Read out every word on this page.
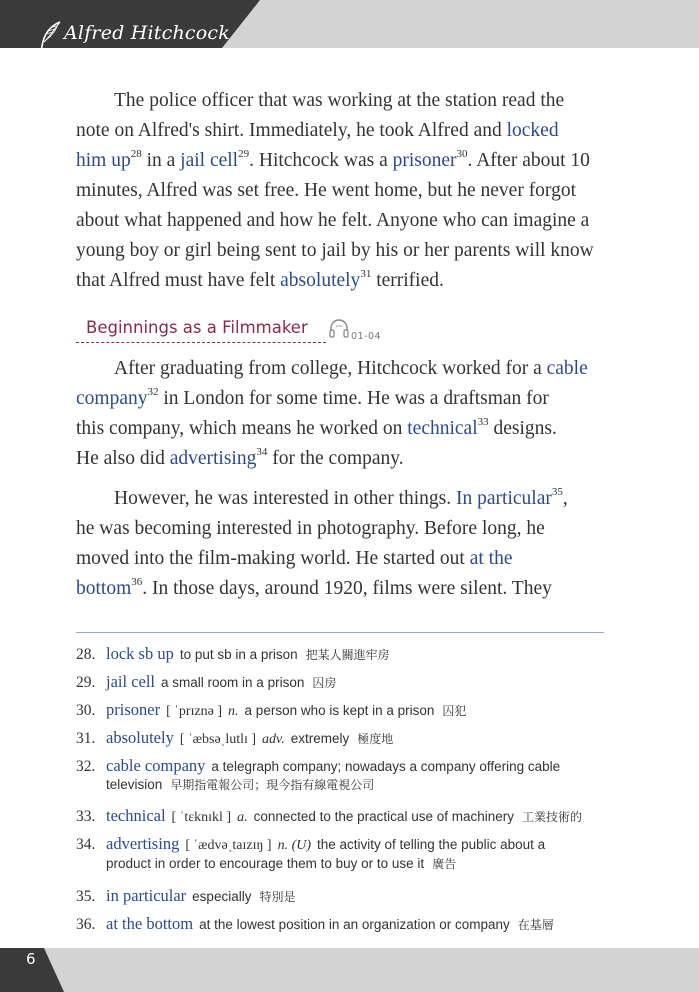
Alfred Hitchcock
The police officer that was working at the station read the
note on Alfred's shirt. Immediately, he took Alfred and locked
him $up^{28}$ in a jail cell$^{29}$. Hitchcock was a prisoner$^{30}$. After about 10
minutes, Alfred was set free. He went home, but he never forgot
about what happened and how he felt. Anyone who can imagine a
young boy or girl being sent to jail by his or her parents will know
that Alfred must have felt absolutely$^{31}$ terrified.
Beginnings as a Filmmaker	01-04
After graduating from college, Hitchcock worked for a cable
company$^{32}$ in London for some time. He was a draftsman for
this company, which means he worked on technical$^{33}$ designs.
He also did advertising$^{34}$ for the company.
However, he was interested in other things. In particular$^{35}$,
he was becoming interested in photography. Before long, he
moved into the film-making world. He started out at the
bottom$^{36}$. In those days, around 1920, films were silent. They
28. lock sb up to put sb in a prison 把某人關進牢房
29. jail cell a small room in a prison 囚房
30. prisoner [ ˈprɪznə ] n. a person who is kept in a prison 囚犯
31. absolutely [ ˈæbsəˌlutlɪ ] adv. extremely 極度地
32. cable company a telegraph company; nowadays a company offering cable
television 早期指電報公司；現今指有線電視公司
33. technical [ ˈtɛknɪkl ] a. connected to the practical use of machinery 工業技術的
34. advertising [ ˈædvəˌtaɪzɪŋ ] n. (U) the activity of telling the public about a
product in order to encourage them to buy or to use it 廣告
35. in particular especially 特別是
36. at the bottom at the lowest position in an organization or company 在基層
6
